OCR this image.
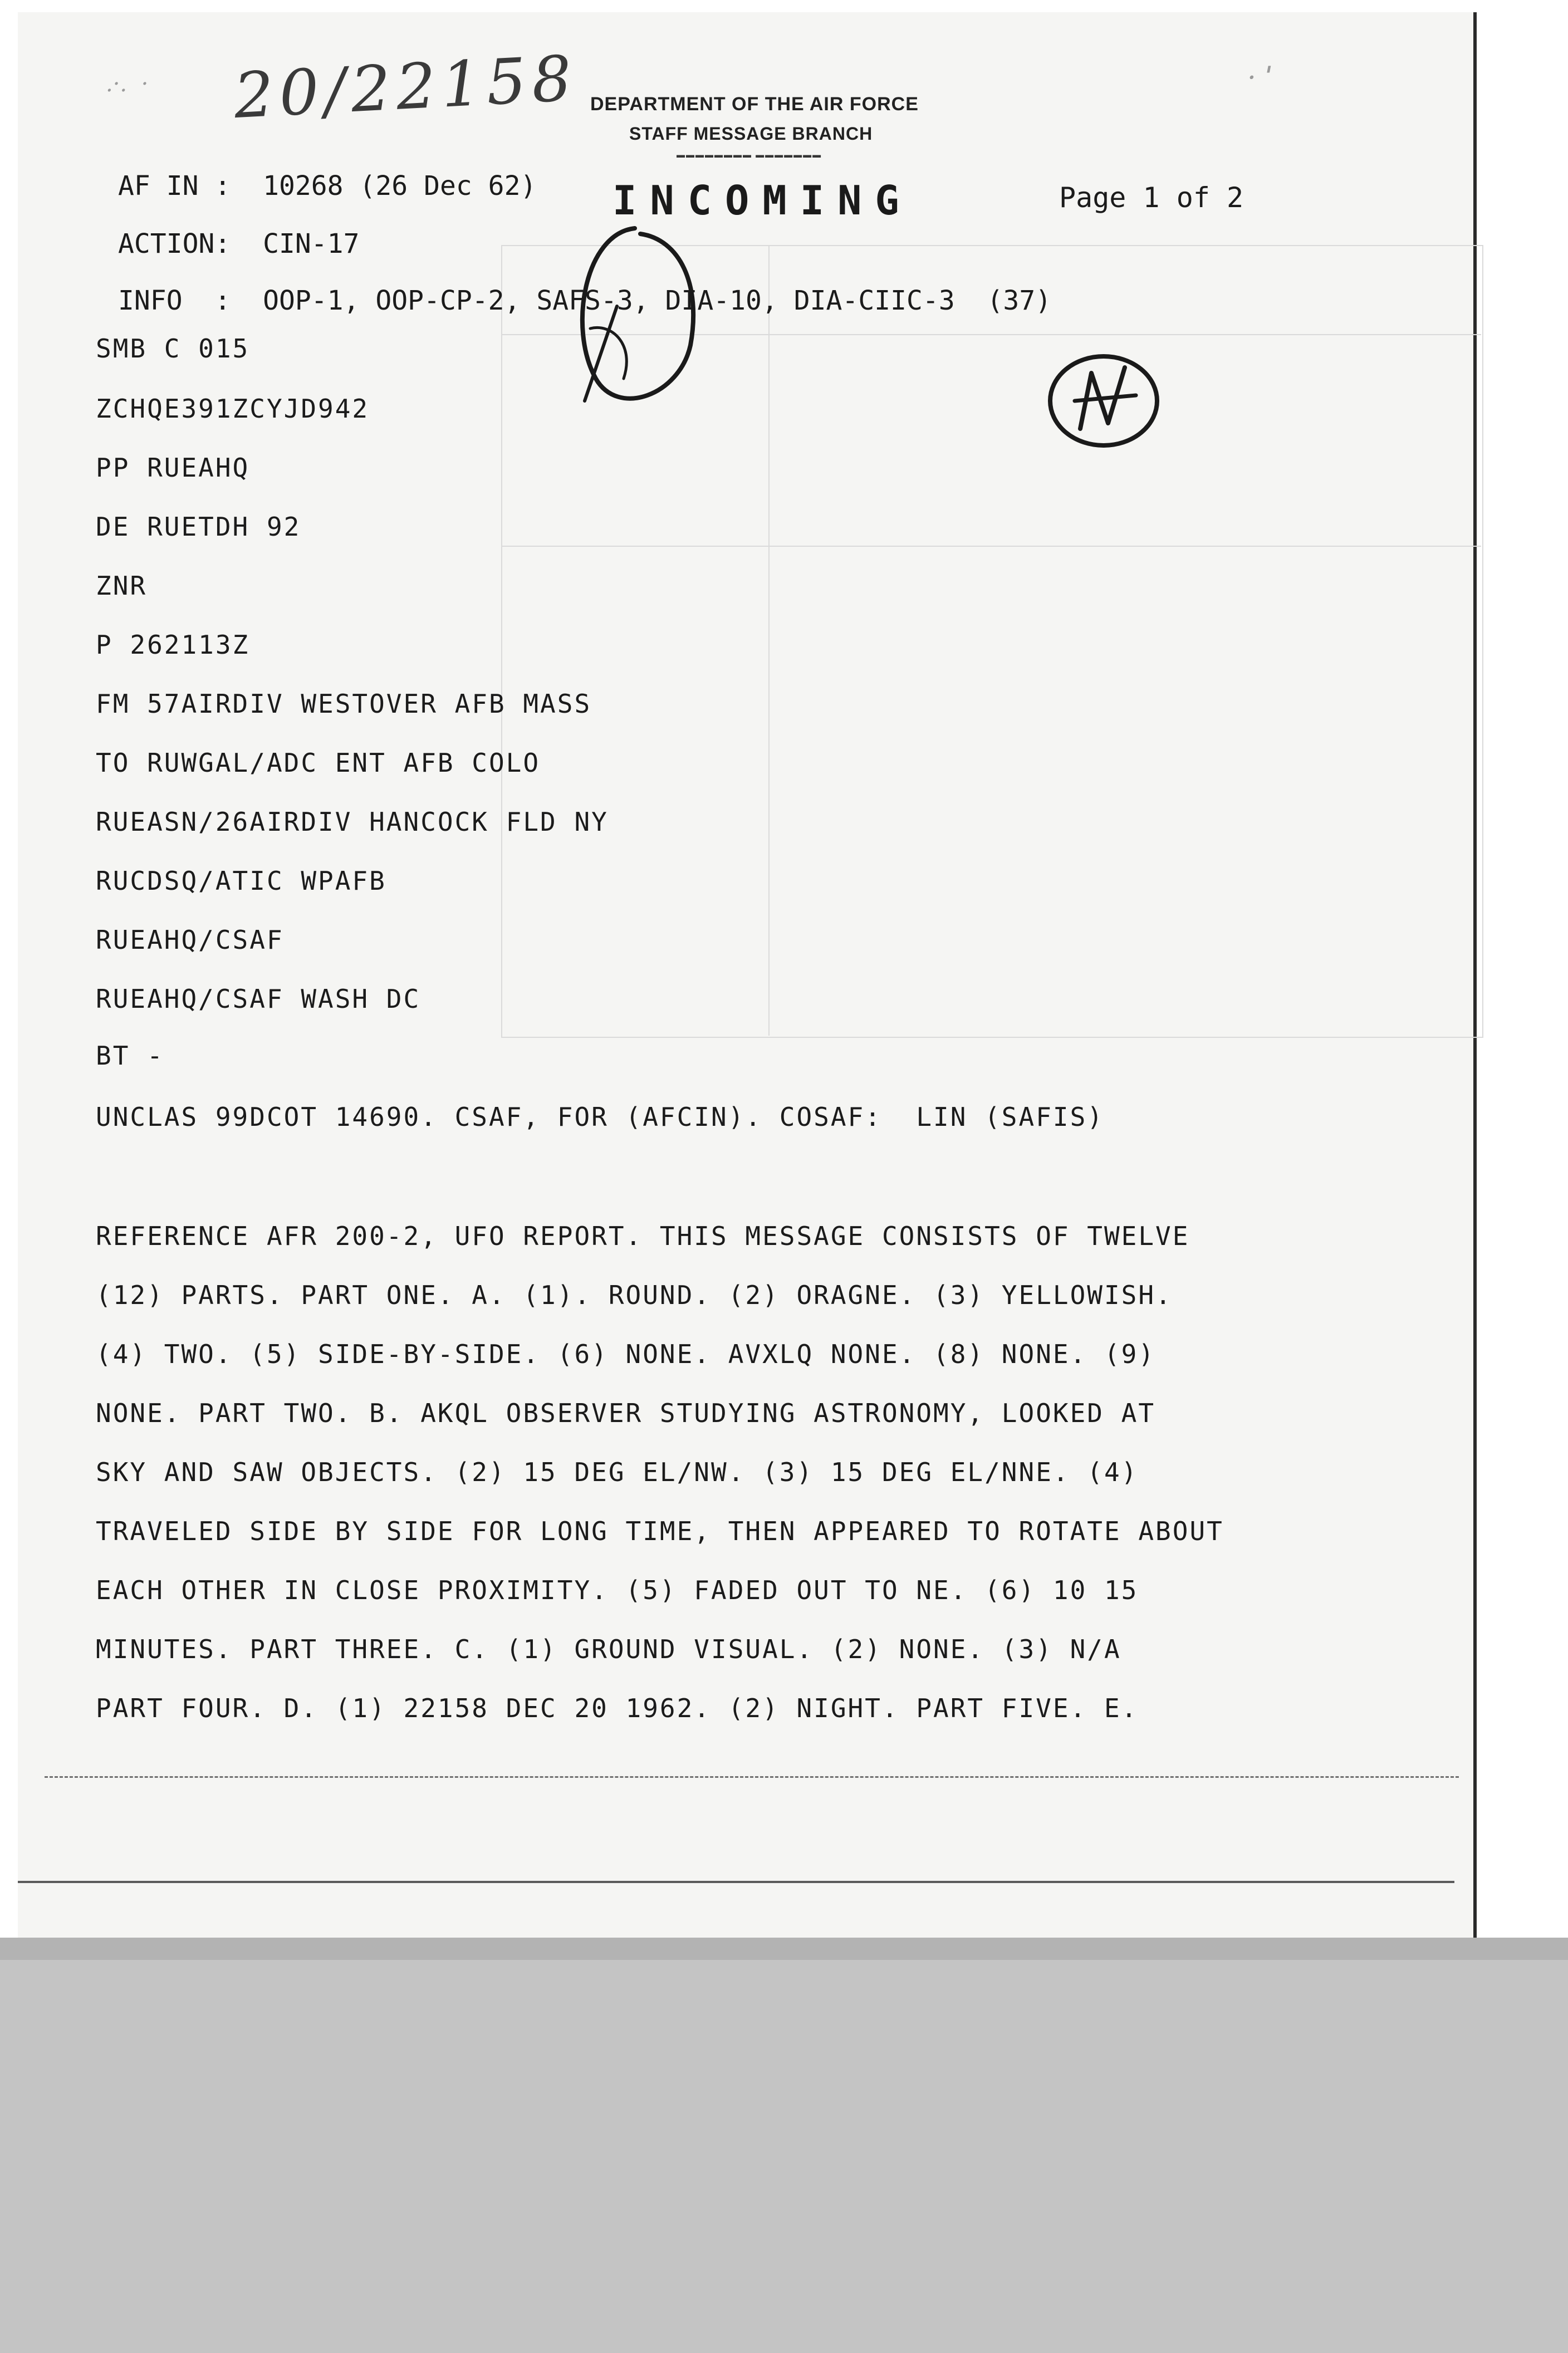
20/22158
.·.  ·	· ˈ
DEPARTMENT OF THE AIR FORCE
STAFF MESSAGE BRANCH
▬▬▬▬▬▬▬▬ ▬▬▬▬▬▬▬
INCOMING
AF IN :  10268 (26 Dec 62)	Page 1 of 2
ACTION:  CIN-17
INFO  :  OOP-1, OOP-CP-2, SAFS-3, DIA-10, DIA-CIIC-3  (37)
SMB C 015
ZCHQE391ZCYJD942
PP RUEAHQ
DE RUETDH 92
ZNR
P 262113Z
FM 57AIRDIV WESTOVER AFB MASS
TO RUWGAL/ADC ENT AFB COLO
RUEASN/26AIRDIV HANCOCK FLD NY
RUCDSQ/ATIC WPAFB
RUEAHQ/CSAF
RUEAHQ/CSAF WASH DC
BT -
UNCLAS 99DCOT 14690. CSAF, FOR (AFCIN). COSAF:  LIN (SAFIS)
REFERENCE AFR 200-2, UFO REPORT. THIS MESSAGE CONSISTS OF TWELVE
(12) PARTS. PART ONE. A. (1). ROUND. (2) ORAGNE. (3) YELLOWISH.
(4) TWO. (5) SIDE-BY-SIDE. (6) NONE. AVXLQ NONE. (8) NONE. (9)
NONE. PART TWO. B. AKQL OBSERVER STUDYING ASTRONOMY, LOOKED AT
SKY AND SAW OBJECTS. (2) 15 DEG EL/NW. (3) 15 DEG EL/NNE. (4)
TRAVELED SIDE BY SIDE FOR LONG TIME, THEN APPEARED TO ROTATE ABOUT
EACH OTHER IN CLOSE PROXIMITY. (5) FADED OUT TO NE. (6) 10 15
MINUTES. PART THREE. C. (1) GROUND VISUAL. (2) NONE. (3) N/A
PART FOUR. D. (1) 22158 DEC 20 1962. (2) NIGHT. PART FIVE. E.
